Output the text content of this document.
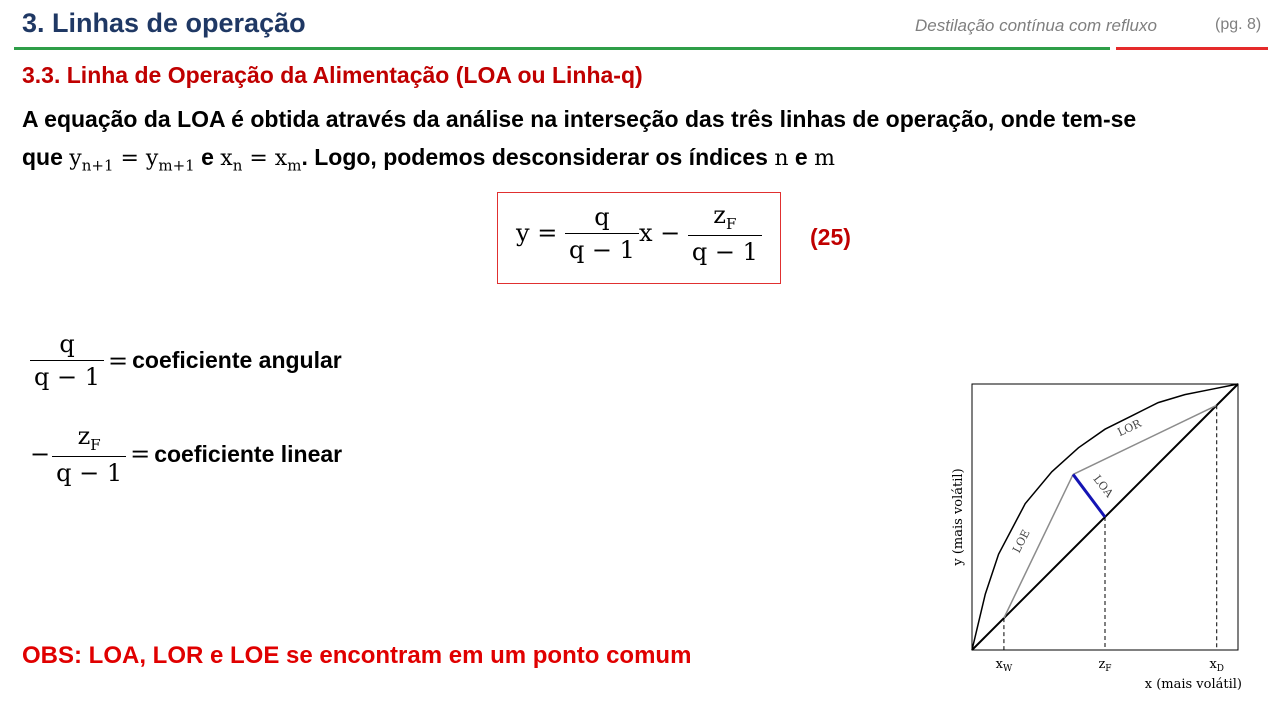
3. Linhas de operação	Destilação contínua com refluxo	(pg. 8)
3.3. Linha de Operação da Alimentação (LOA ou Linha-q)
A equação da LOA é obtida através da análise na interseção das três linhas de operação, onde tem-se
que $y_{n+1} = y_{m+1}$ e $x_n = x_m$. Logo, podemos desconsiderar os índices n e m
$y = \frac{q}{q - 1}$ $x - \frac{z_F}{q - 1} (25)$
$\frac{q}{q - 1}$ = coeficiente angular
− $\frac{z_F}{q - 1}$ = coeficiente linear
OBS: LOA, LOR e LOE se encontram em um ponto comum	$x_W$	$z_F$	$x_D$
LOR
LOA
LOE
y (mais volátil)
x (mais volátil)
